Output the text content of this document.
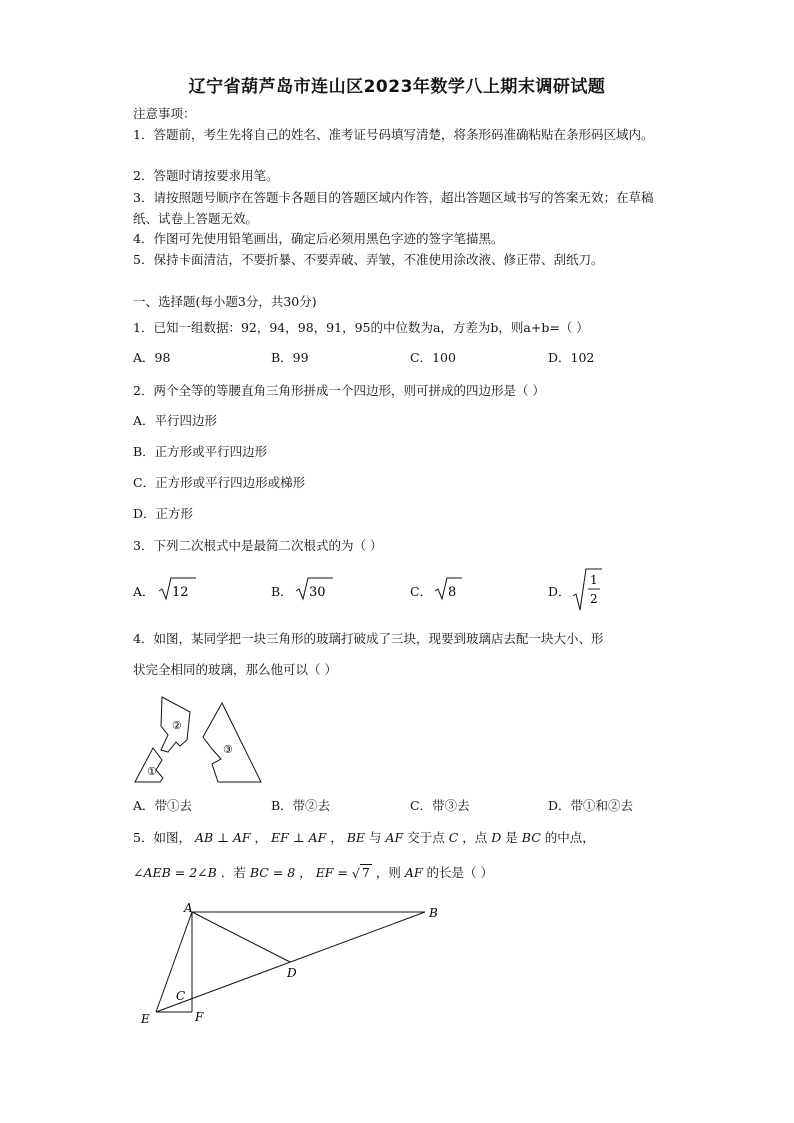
辽宁省葫芦岛市连山区2023年数学八上期末调研试题
注意事项：
1．答题前，考生先将自己的姓名、准考证号码填写清楚，将条形码准确粘贴在条形码区域内。
2．答题时请按要求用笔。
3．请按照题号顺序在答题卡各题目的答题区域内作答，超出答题区域书写的答案无效；在草稿纸、试卷上答题无效。
4．作图可先使用铅笔画出，确定后必须用黑色字迹的签字笔描黑。
5．保持卡面清洁，不要折暴、不要弄破、弄皱，不准使用涂改液、修正带、刮纸刀。
一、选择题(每小题3分，共30分)
1．已知一组数据：92，94，98，91，95的中位数为a，方差为b，则a+b=（ ）
A．98	B．99	C．100	D．102
2．两个全等的等腰直角三角形拼成一个四边形，则可拼成的四边形是（ ）
A．平行四边形
B．正方形或平行四边形
C．正方形或平行四边形或梯形
D．正方形
3．下列二次根式中是最简二次根式的为（ ）
A． 12	B． 30	C． 8	D．
1
2
4．如图，某同学把一块三角形的玻璃打破成了三块，现要到玻璃店去配一块大小、形
状完全相同的玻璃，那么他可以（ ）
①
②
③
A．带①去	B．带②去	C．带③去	D．带①和②去
5．如图， AB ⊥ AF ， EF ⊥ AF ， BE 与 AF 交于点 C ，点 D 是 BC 的中点，
∠AEB = 2∠B ．若 BC = 8 ， EF = √ 7 ，则 AF 的长是（ ）
A	B
C
D
E	F
